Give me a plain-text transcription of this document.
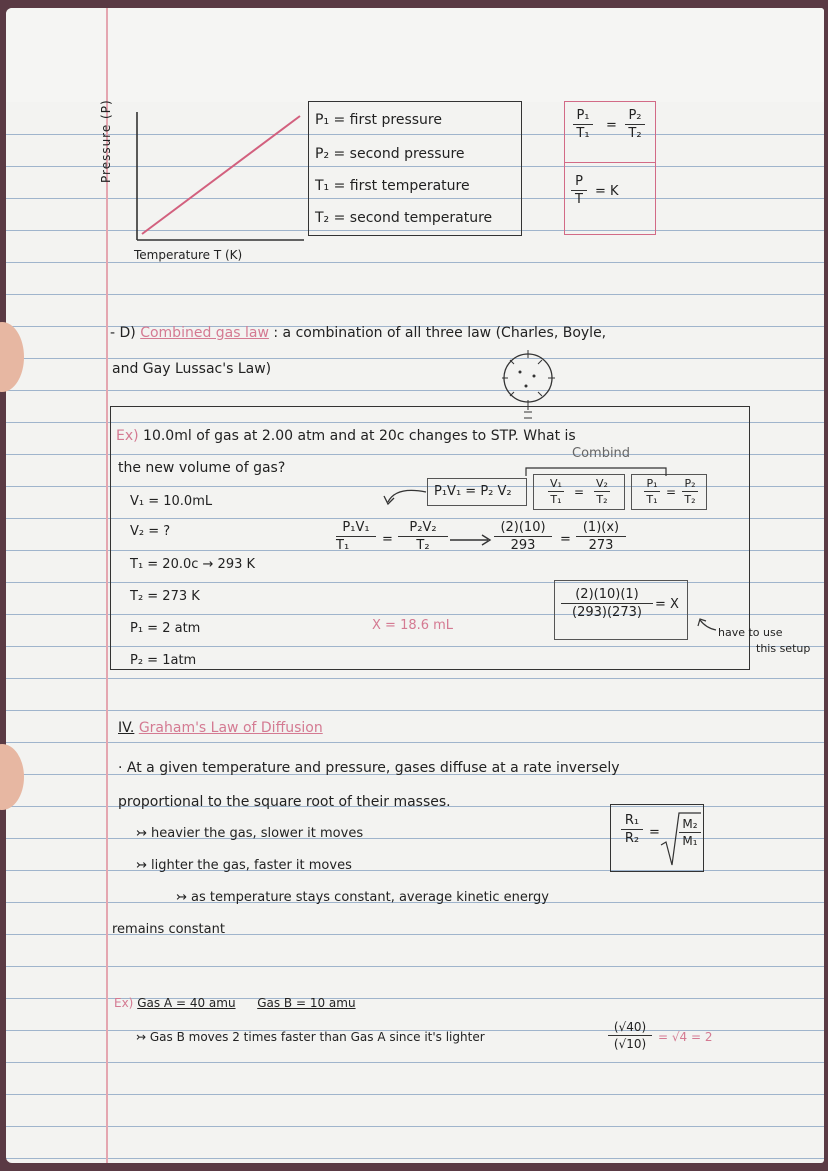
Pressure (P)
Temperature T (K)
P₁ = first pressure
P₂ = second pressure
T₁ = first temperature
T₂ = second temperature
P₁
T₁
=
P₂
T₂
P
T
= K
- D) Combined gas law : a combination of all three law (Charles, Boyle,
and Gay Lussac's Law)
Ex) 10.0ml of gas at 2.00 atm and at 20c changes to STP. What is
the new volume of gas?
Combind
V₁ = 10.0mL
V₂ = ?
T₁ = 20.0c → 293 K
T₂ = 273 K
P₁ = 2 atm
P₂ = 1atm
P₁V₁ = P₂ V₂
V₁
T₁
=
V₂
T₂
P₁
T₁
=
P₂
T₂
P₁V₁
T₁	=
P₂V₂
T₂
(2)(10)
293	=
(1)(x)
273
X = 18.6 mL
(2)(10)(1)
(293)(273)
= X
have to use
this setup
IV. Graham's Law of Diffusion
· At a given temperature and pressure, gases diffuse at a rate inversely
proportional to the square root of their masses.
↣ heavier the gas, slower it moves
↣ lighter the gas, faster it moves
↣ as temperature stays constant, average kinetic energy
remains constant
R₁
R₂ =
M₂
M₁
Ex) Gas A = 40 amu Gas B = 10 amu
↣ Gas B moves 2 times faster than Gas A since it's lighter
(√40)
(√10) = √4 = 2
